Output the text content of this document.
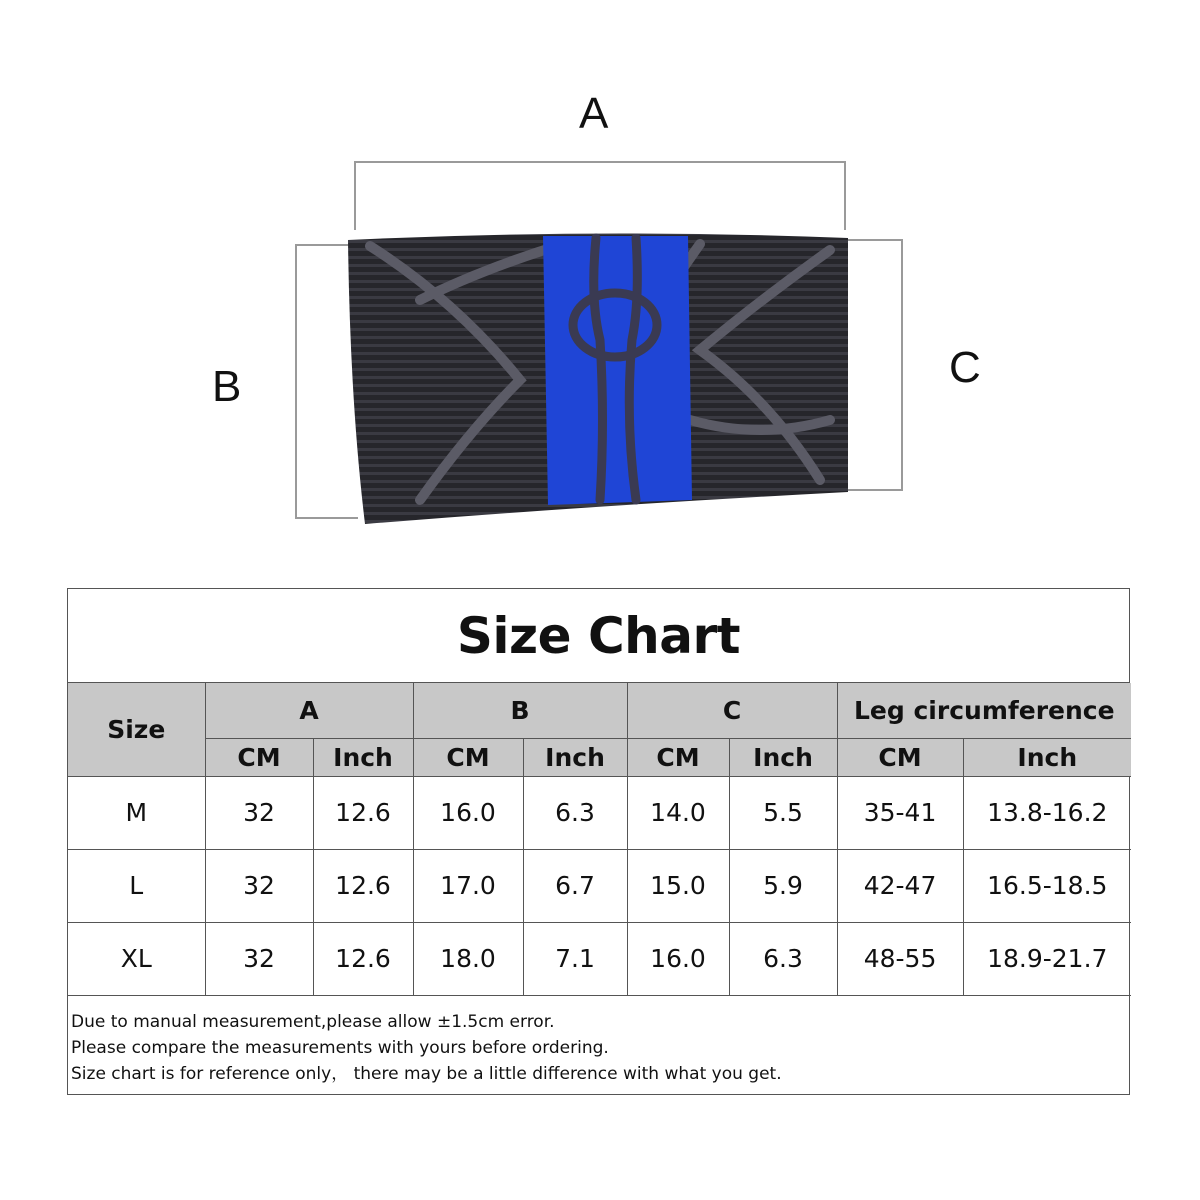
A
B	C
Size Chart
Size	A		B		C		Leg circumference	
	CM	Inch	CM	Inch	CM	Inch	CM	Inch
M	32	12.6	16.0	6.3	14.0	5.5	35-41	13.8-16.2
L	32	12.6	17.0	6.7	15.0	5.9	42-47	16.5-18.5
XL	32	12.6	18.0	7.1	16.0	6.3	48-55	18.9-21.7
Due to manual measurement,please allow ±1.5cm error.
Please compare the measurements with yours before ordering.
Size chart is for reference only， there may be a little difference with what you get.
